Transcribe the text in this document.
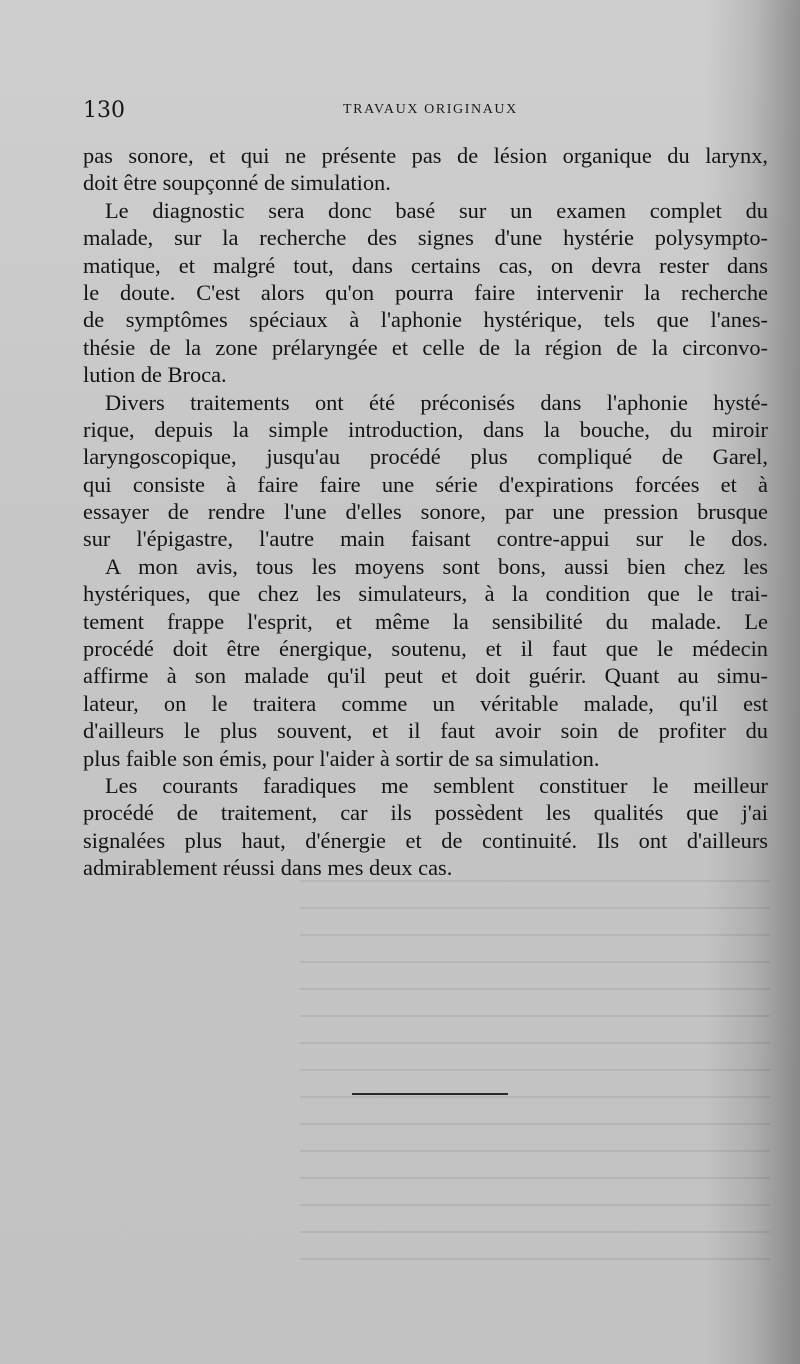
130	TRAVAUX ORIGINAUX
pas sonore, et qui ne présente pas de lésion organique du larynx,
doit être soupçonné de simulation.
Le diagnostic sera donc basé sur un examen complet du
malade, sur la recherche des signes d'une hystérie polysympto-
matique, et malgré tout, dans certains cas, on devra rester dans
le doute. C'est alors qu'on pourra faire intervenir la recherche
de symptômes spéciaux à l'aphonie hystérique, tels que l'anes-
thésie de la zone prélaryngée et celle de la région de la circonvo-
lution de Broca.
Divers traitements ont été préconisés dans l'aphonie hysté-
rique, depuis la simple introduction, dans la bouche, du miroir
laryngoscopique, jusqu'au procédé plus compliqué de Garel,
qui consiste à faire faire une série d'expirations forcées et à
essayer de rendre l'une d'elles sonore, par une pression brusque
sur l'épigastre, l'autre main faisant contre-appui sur le dos.
A mon avis, tous les moyens sont bons, aussi bien chez les
hystériques, que chez les simulateurs, à la condition que le trai-
tement frappe l'esprit, et même la sensibilité du malade. Le
procédé doit être énergique, soutenu, et il faut que le médecin
affirme à son malade qu'il peut et doit guérir. Quant au simu-
lateur, on le traitera comme un véritable malade, qu'il est
d'ailleurs le plus souvent, et il faut avoir soin de profiter du
plus faible son émis, pour l'aider à sortir de sa simulation.
Les courants faradiques me semblent constituer le meilleur
procédé de traitement, car ils possèdent les qualités que j'ai
signalées plus haut, d'énergie et de continuité. Ils ont d'ailleurs
admirablement réussi dans mes deux cas.
